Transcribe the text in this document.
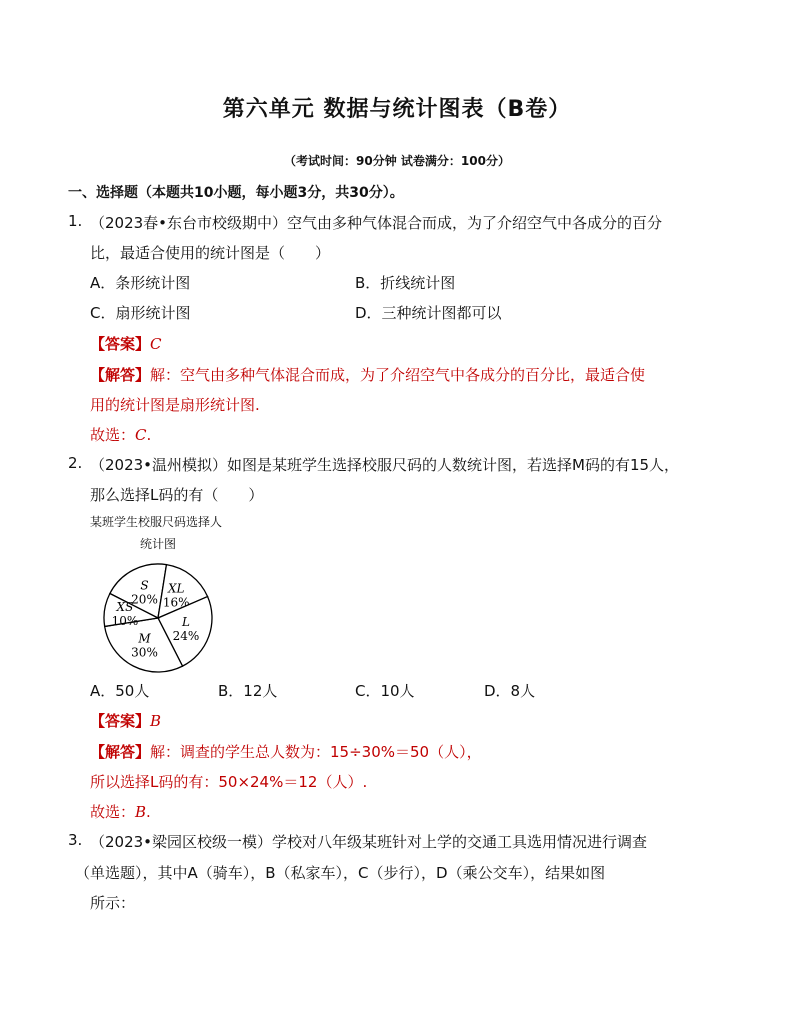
第六单元 数据与统计图表（B卷）
（考试时间：90分钟 试卷满分：100分）
一、选择题（本题共10小题，每小题3分，共30分）。
1. （2023春•东台市校级期中）空气由多种气体混合而成，为了介绍空气中各成分的百分
比，最适合使用的统计图是（　　）
A．条形统计图	B．折线统计图
C．扇形统计图	D．三种统计图都可以
【答案】C
【解答】解：空气由多种气体混合而成，为了介绍空气中各成分的百分比，最适合使
用的统计图是扇形统计图.
故选：C.
2. （2023•温州模拟）如图是某班学生选择校服尺码的人数统计图，若选择M码的有15人，
那么选择L码的有（　　）
某班学生校服尺码选择人
统计图
S
20%
XL
16%
L
24%
M
30%
XS
10%
A．50人	B．12人	C．10人	D．8人
【答案】B
【解答】解：调查的学生总人数为：15÷30%＝50（人），
所以选择L码的有：50×24%＝12（人）.
故选：B.
3. （2023•梁园区校级一模）学校对八年级某班针对上学的交通工具选用情况进行调查
（单选题），其中A（骑车），B（私家车），C（步行），D（乘公交车），结果如图
所示：
